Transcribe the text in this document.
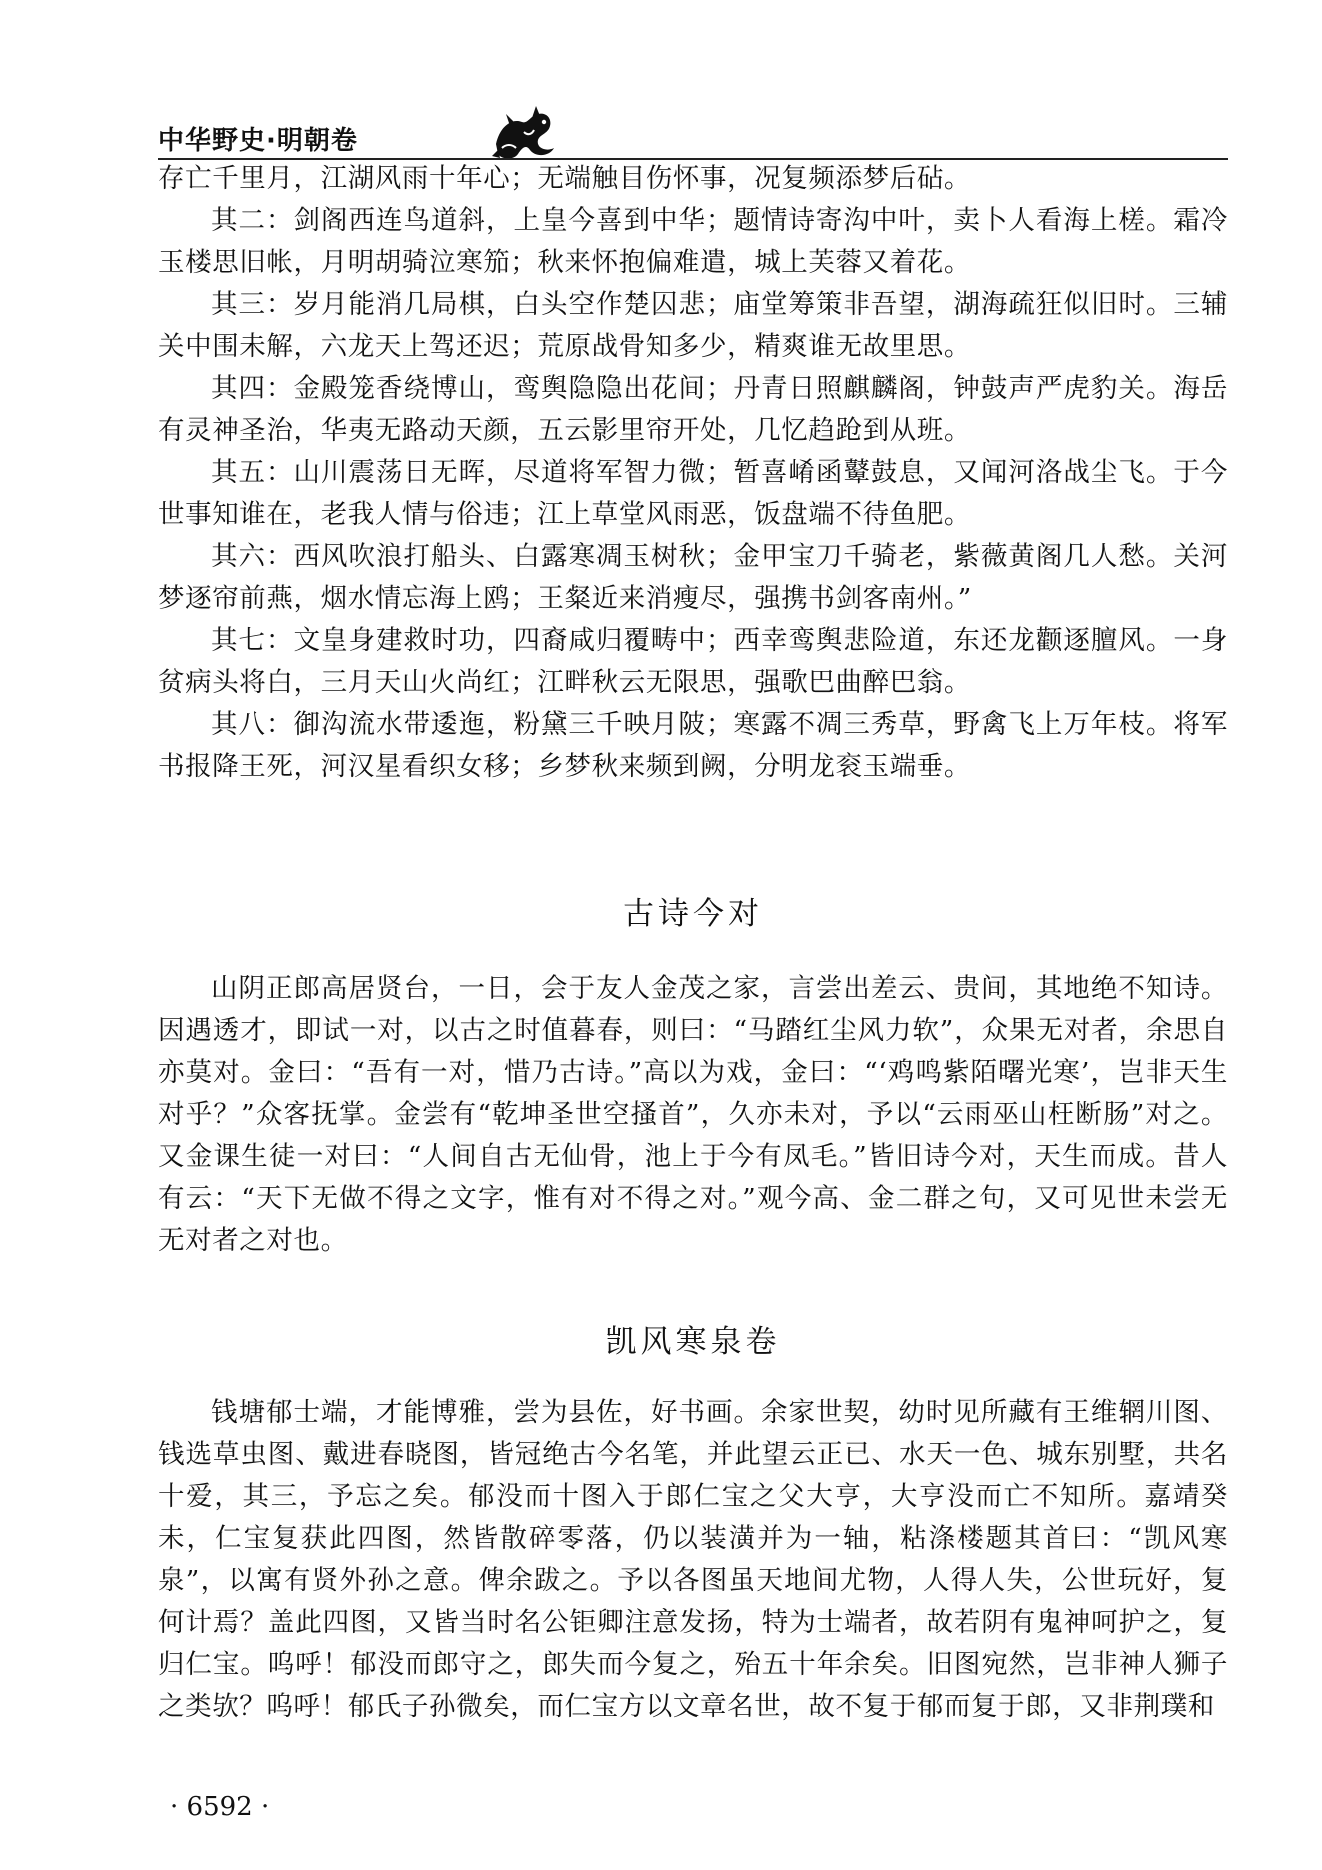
中华野史·明朝卷

存亡千里月，江湖风雨十年心；无端触目伤怀事，况复频添梦后砧。

其二：剑阁西连鸟道斜，上皇今喜到中华；题情诗寄沟中叶，卖卜人看海上槎。霜冷玉楼思旧帐，月明胡骑泣寒笳；秋来怀抱偏难遣，城上芙蓉又着花。

其三：岁月能消几局棋，白头空作楚囚悲；庙堂筹策非吾望，湖海疏狂似旧时。三辅关中围未解，六龙天上驾还迟；荒原战骨知多少，精爽谁无故里思。

其四：金殿笼香绕博山，鸾舆隐隐出花间；丹青日照麒麟阁，钟鼓声严虎豹关。海岳有灵神圣治，华夷无路动天颜，五云影里帘开处，几忆趋跄到从班。

其五：山川震荡日无晖，尽道将军智力微；暂喜崤函鼙鼓息，又闻河洛战尘飞。于今世事知谁在，老我人情与俗违；江上草堂风雨恶，饭盘端不待鱼肥。

其六：西风吹浪打船头、白露寒凋玉树秋；金甲宝刀千骑老，紫薇黄阁几人愁。关河梦逐帘前燕，烟水情忘海上鸥；王粲近来消瘦尽，强携书剑客南州。”

其七：文皇身建救时功，四裔咸归覆畴中；西幸鸾舆悲险道，东还龙颧逐膻风。一身贫病头将白，三月天山火尚红；江畔秋云无限思，强歌巴曲醉巴翁。

其八：御沟流水带逶迤，粉黛三千映月陂；寒露不凋三秀草，野禽飞上万年枝。将军书报降王死，河汉星看织女移；乡梦秋来频到阙，分明龙衮玉端垂。

古诗今对

山阴正郎高居贤台，一日，会于友人金茂之家，言尝出差云、贵间，其地绝不知诗。因遇透才，即试一对，以古之时值暮春，则曰：“马踏红尘风力软”，众果无对者，余思自亦莫对。金曰：“吾有一对，惜乃古诗。”高以为戏，金曰：“‘鸡鸣紫陌曙光寒’，岂非天生对乎？”众客抚掌。金尝有“乾坤圣世空搔首”，久亦未对，予以“云雨巫山枉断肠”对之。又金课生徒一对曰：“人间自古无仙骨，池上于今有凤毛。”皆旧诗今对，天生而成。昔人有云：“天下无做不得之文字，惟有对不得之对。”观今高、金二群之句，又可见世未尝无无对者之对也。

凯风寒泉卷

钱塘郁士端，才能博雅，尝为县佐，好书画。余家世契，幼时见所藏有王维辋川图、钱选草虫图、戴进春晓图，皆冠绝古今名笔，并此望云正已、水天一色、城东别墅，共名十爱，其三，予忘之矣。郁没而十图入于郎仁宝之父大亨，大亨没而亡不知所。嘉靖癸未，仁宝复获此四图，然皆散碎零落，仍以装潢并为一轴，粘涤楼题其首曰：“凯风寒泉”，以寓有贤外孙之意。俾余跋之。予以各图虽天地间尤物，人得人失，公世玩好，复何计焉？盖此四图，又皆当时名公钜卿注意发扬，特为士端者，故若阴有鬼神呵护之，复归仁宝。呜呼！郁没而郎守之，郎失而今复之，殆五十年余矣。旧图宛然，岂非神人狮子之类欤？呜呼！郁氏子孙微矣，而仁宝方以文章名世，故不复于郁而复于郎，又非荆璞和

· 6592 ·
